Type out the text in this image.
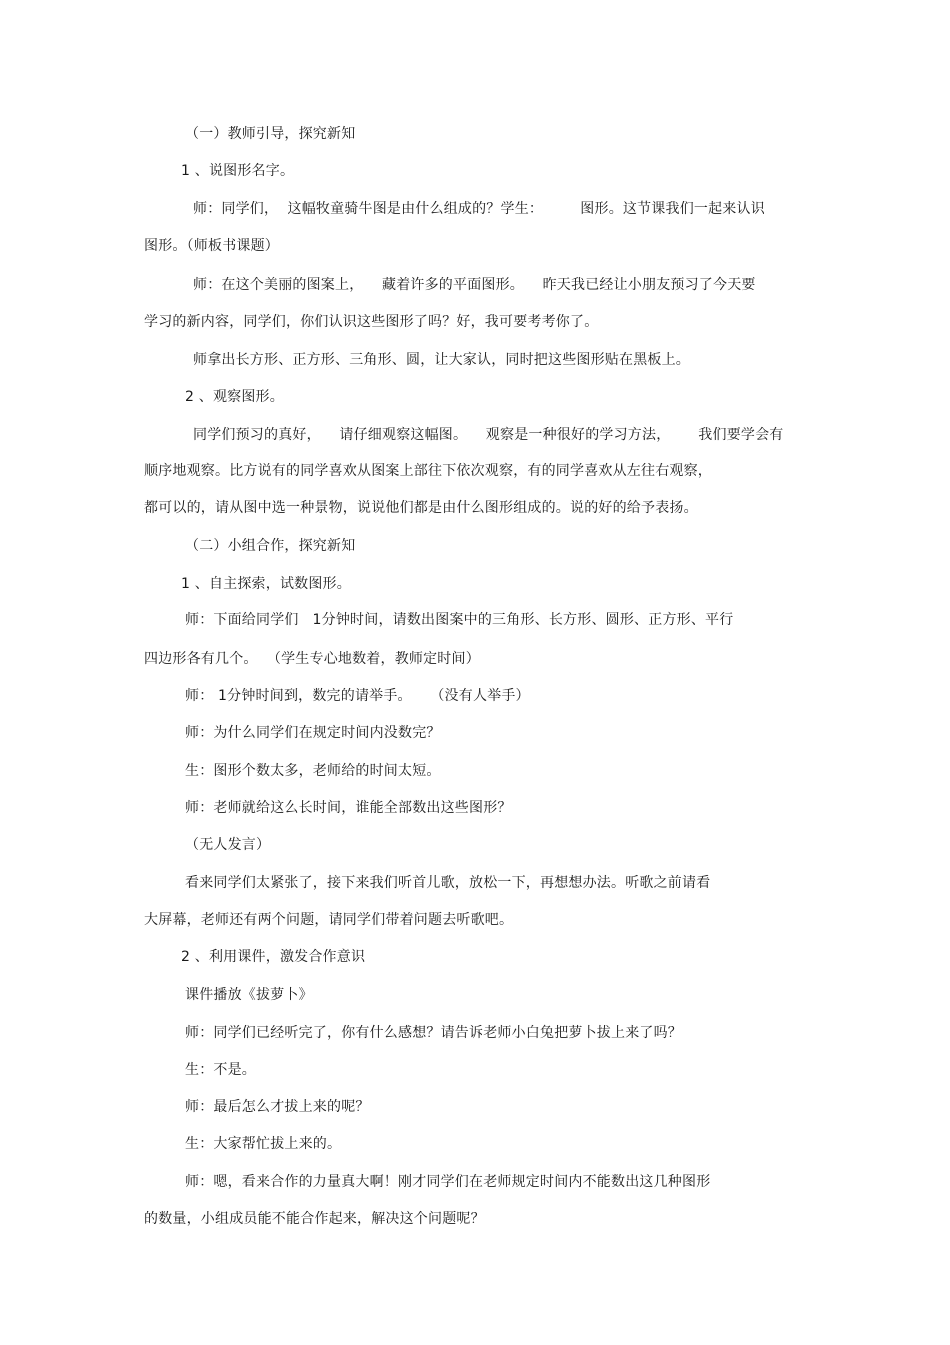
（一）教师引导，探究新知
1 、说图形名字。
师：同学们，  这幅牧童骑牛图是由什么组成的？学生：        图形。这节课我们一起来认识
图形。（师板书课题）
师：在这个美丽的图案上，    藏着许多的平面图形。    昨天我已经让小朋友预习了今天要
学习的新内容，同学们，你们认识这些图形了吗？好，我可要考考你了。
师拿出长方形、正方形、三角形、圆，让大家认，同时把这些图形贴在黑板上。
2 、观察图形。
同学们预习的真好，    请仔细观察这幅图。    观察是一种很好的学习方法，      我们要学会有
顺序地观察。比方说有的同学喜欢从图案上部往下依次观察，有的同学喜欢从左往右观察，
都可以的，请从图中选一种景物，说说他们都是由什么图形组成的。说的好的给予表扬。
（二）小组合作，探究新知
1 、自主探索，试数图形。
师：下面给同学们   1分钟时间，请数出图案中的三角形、长方形、圆形、正方形、平行
四边形各有几个。  （学生专心地数着，教师定时间）
师： 1分钟时间到，数完的请举手。    （没有人举手）
师：为什么同学们在规定时间内没数完？
生：图形个数太多，老师给的时间太短。
师：老师就给这么长时间，谁能全部数出这些图形？
（无人发言）
看来同学们太紧张了，接下来我们听首儿歌，放松一下，再想想办法。听歌之前请看
大屏幕，老师还有两个问题，请同学们带着问题去听歌吧。
2 、利用课件，激发合作意识
课件播放《拔萝卜》
师：同学们已经听完了，你有什么感想？请告诉老师小白兔把萝卜拔上来了吗？
生：不是。
师：最后怎么才拔上来的呢？
生：大家帮忙拔上来的。
师：嗯，看来合作的力量真大啊！刚才同学们在老师规定时间内不能数出这几种图形
的数量，小组成员能不能合作起来，解决这个问题呢？
